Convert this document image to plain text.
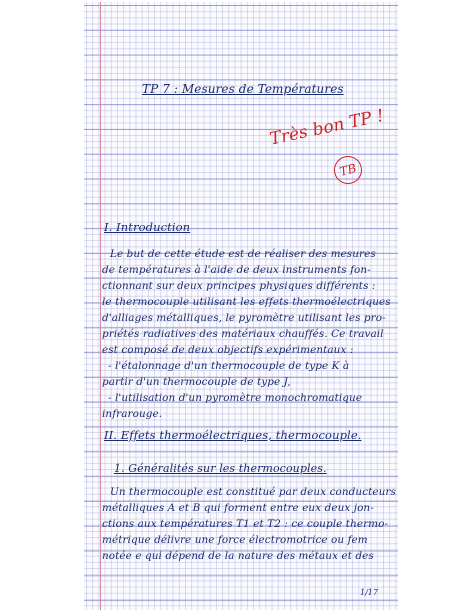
TP 7 : Mesures de Températures
Très bon TP !
TB
I. Introduction
Le but de cette étude est de réaliser des mesures
de températures à l'aide de deux instruments fon-
ctionnant sur deux principes physiques différents :
le thermocouple utilisant les effets thermoélectriques
d'alliages métalliques, le pyromètre utilisant les pro-
priétés radiatives des matériaux chauffés. Ce travail
est composé de deux objectifs expérimentaux :
- l'étalonnage d'un thermocouple de type K à
partir d'un thermocouple de type J,
- l'utilisation d'un pyromètre monochromatique
infrarouge.
II. Effets thermoélectriques, thermocouple.
1. Généralités sur les thermocouples.
Un thermocouple est constitué par deux conducteurs
métalliques A et B qui forment entre eux deux jon-
ctions aux températures T1 et T2 : ce couple thermo-
métrique délivre une force électromotrice ou fem
notée e qui dépend de la nature des métaux et des
1/17
